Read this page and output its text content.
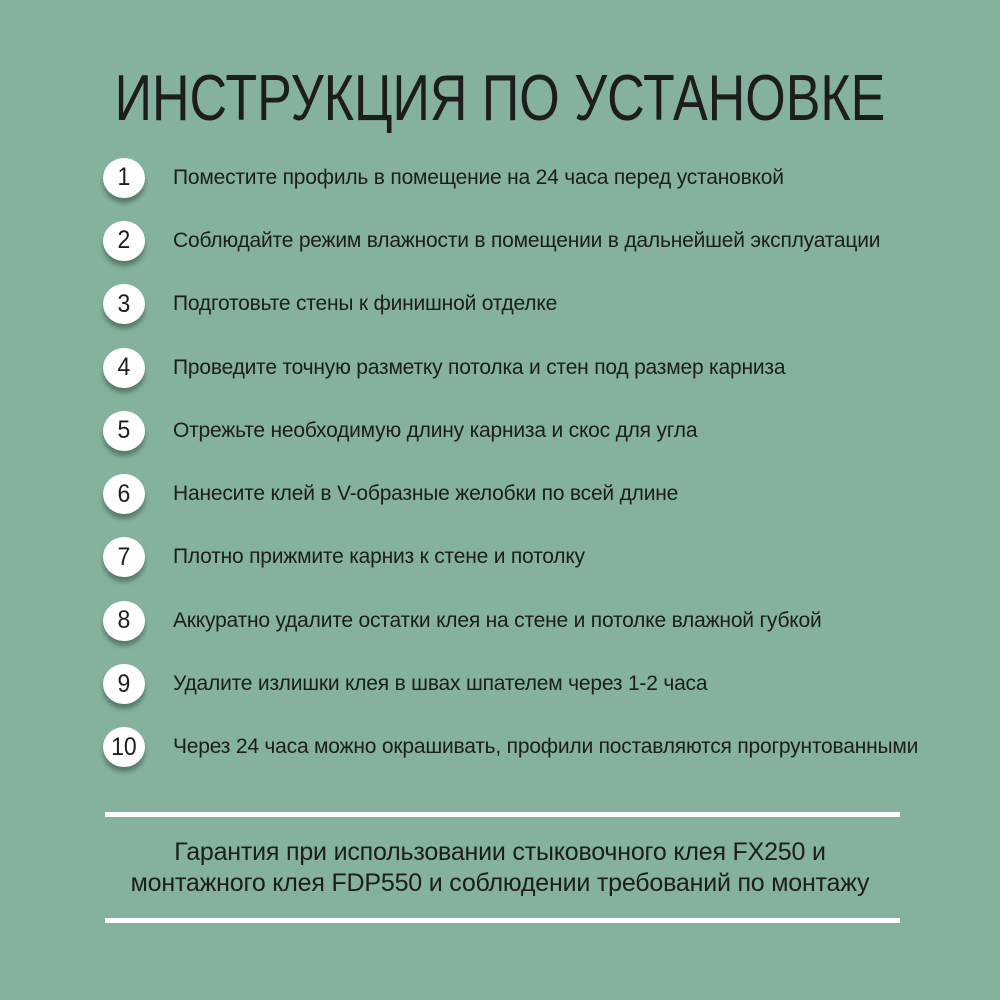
ИНСТРУКЦИЯ ПО УСТАНОВКЕ
1 Поместите профиль в помещение на 24 часа перед установкой
2 Соблюдайте режим влажности в помещении в дальнейшей эксплуатации
3 Подготовьте стены к финишной отделке
4 Проведите точную разметку потолка и стен под размер карниза
5 Отрежьте необходимую длину карниза и скос для угла
6 Нанесите клей в V-образные желобки по всей длине
7 Плотно прижмите карниз к стене и потолку
8 Аккуратно удалите остатки клея на стене и потолке влажной губкой
9 Удалите излишки клея в швах шпателем через 1-2 часа
10 Через 24 часа можно окрашивать, профили поставляются прогрунтованными

Гарантия при использовании стыковочного клея FX250 и
монтажного клея FDP550 и соблюдении требований по монтажу
